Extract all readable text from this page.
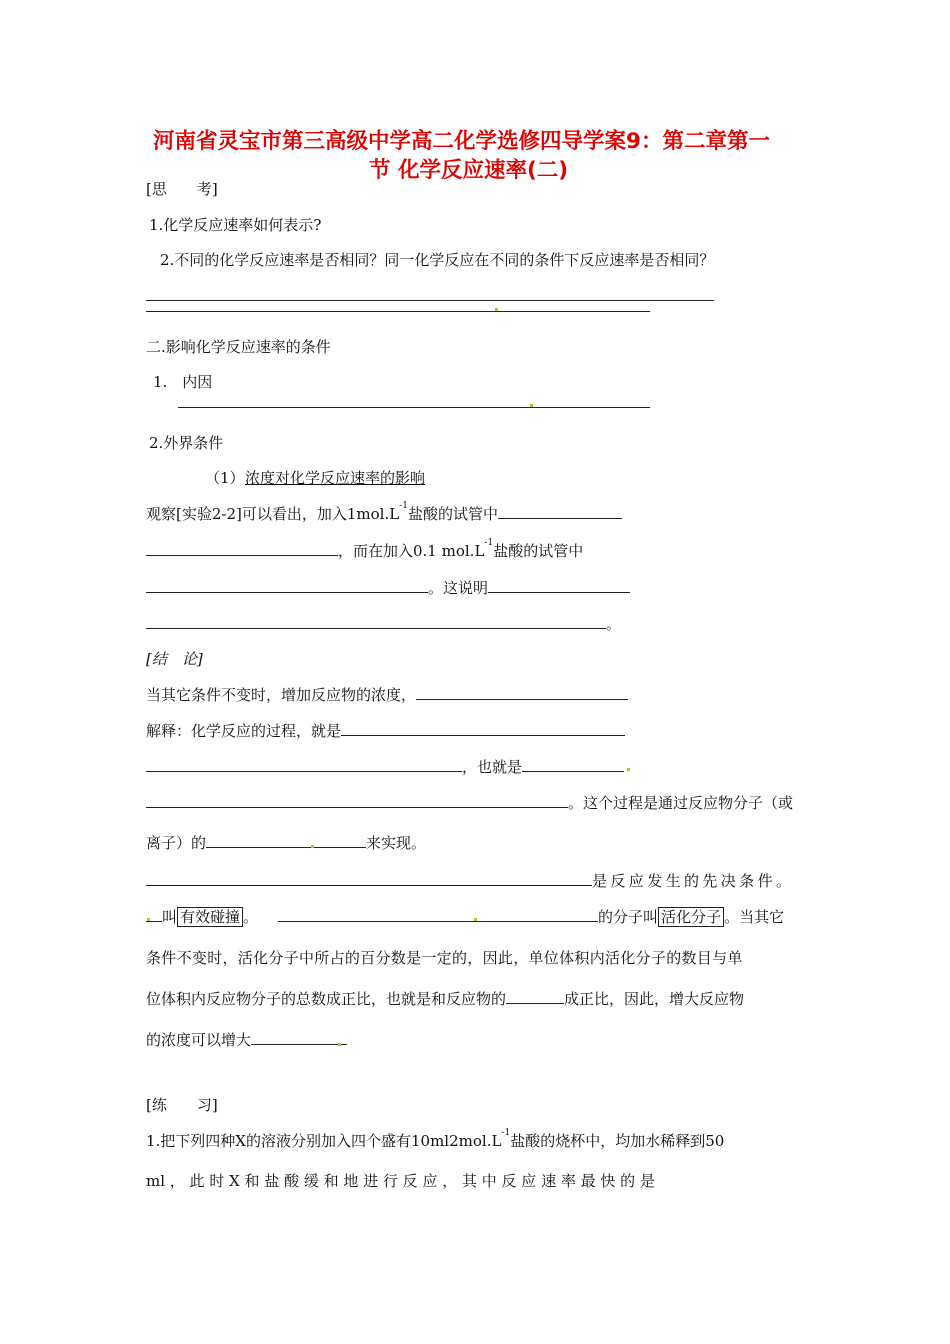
河南省灵宝市第三高级中学高二化学选修四导学案9：第二章第一
节 化学反应速率(二)
[思　　考]
1.化学反应速率如何表示?
2.不同的化学反应速率是否相同？同一化学反应在不同的条件下反应速率是否相同？
二.影响化学反应速率的条件
1.　内因
2.外界条件
（1） 浓度对化学反应速率的影响
观察[实验2-2]可以看出，加入$1mol.L^{-1}$盐酸的试管中
，而在加入0.1 $mol.L^{-1}$盐酸的试管中
。这说明
。
[结　论]
当其它条件不变时，增加反应物的浓度，
解释：化学反应的过程，就是
，也就是
。这个过程是通过反应物分子（或
离子）的	来实现。
是反应发生的先决条件。
叫 有效碰撞 。	的分子叫 活化分子 。当其它
条件不变时，活化分子中所占的百分数是一定的，因此，单位体积内活化分子的数目与单
位体积内反应物分子的总数成正比，也就是和反应物的	成正比，因此，增大反应物
的浓度可以增大
[练　　习]
1.把下列四种X的溶液分别加入四个盛有$10ml2mol.L^{-1}$盐酸的烧杯中，均加水稀释到50
ml ， 此 时 X 和 盐 酸 缓 和 地 进 行 反 应 ， 其 中 反 应 速 率 最 快 的 是
